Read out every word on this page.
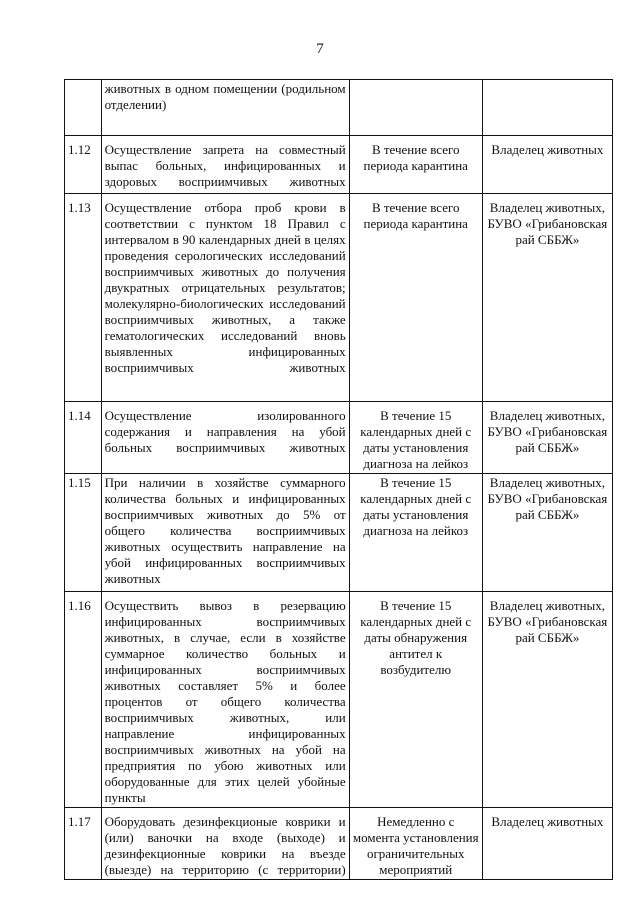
7
	животных в одном помещении (родильном отделении)		
1.12	Осуществление запрета на совместный выпас больных, инфицированных и здоровых восприимчивых животных	В течение всего периода карантина	Владелец животных
1.13	Осуществление отбора проб крови в соответствии с пунктом 18 Правил с интервалом в 90 календарных дней в целях проведения серологических исследований восприимчивых животных до получения двукратных отрицательных результатов; молекулярно-биологических исследований восприимчивых животных, а также гематологических исследований вновь выявленных инфицированных восприимчивых животных	В течение всего периода карантина	Владелец животных, БУВО «Грибановская рай СББЖ»
1.14	Осуществление изолированного содержания и направления на убой больных восприимчивых животных	В течение 15 календарных дней с даты установления диагноза на лейкоз	Владелец животных, БУВО «Грибановская рай СББЖ»
1.15	При наличии в хозяйстве суммарного количества больных и инфицированных восприимчивых животных до 5% от общего количества восприимчивых животных осуществить направление на убой инфицированных восприимчивых животных	В течение 15 календарных дней с даты установления диагноза на лейкоз	Владелец животных, БУВО «Грибановская рай СББЖ»
1.16	Осуществить вывоз в резервацию инфицированных восприимчивых животных, в случае, если в хозяйстве суммарное количество больных и инфицированных восприимчивых животных составляет 5% и более процентов от общего количества восприимчивых животных, или направление инфицированных восприимчивых животных на убой на предприятия по убою животных или оборудованные для этих целей убойные пункты	В течение 15 календарных дней с даты обнаружения антител к возбудителю	Владелец животных, БУВО «Грибановская рай СББЖ»
1.17	Оборудовать дезинфекционые коврики и (или) ваночки на входе (выходе) и дезинфекционные коврики на въезде (выезде) на территорию (с территории)	Немедленно с момента установления ограничительных мероприятий	Владелец животных
